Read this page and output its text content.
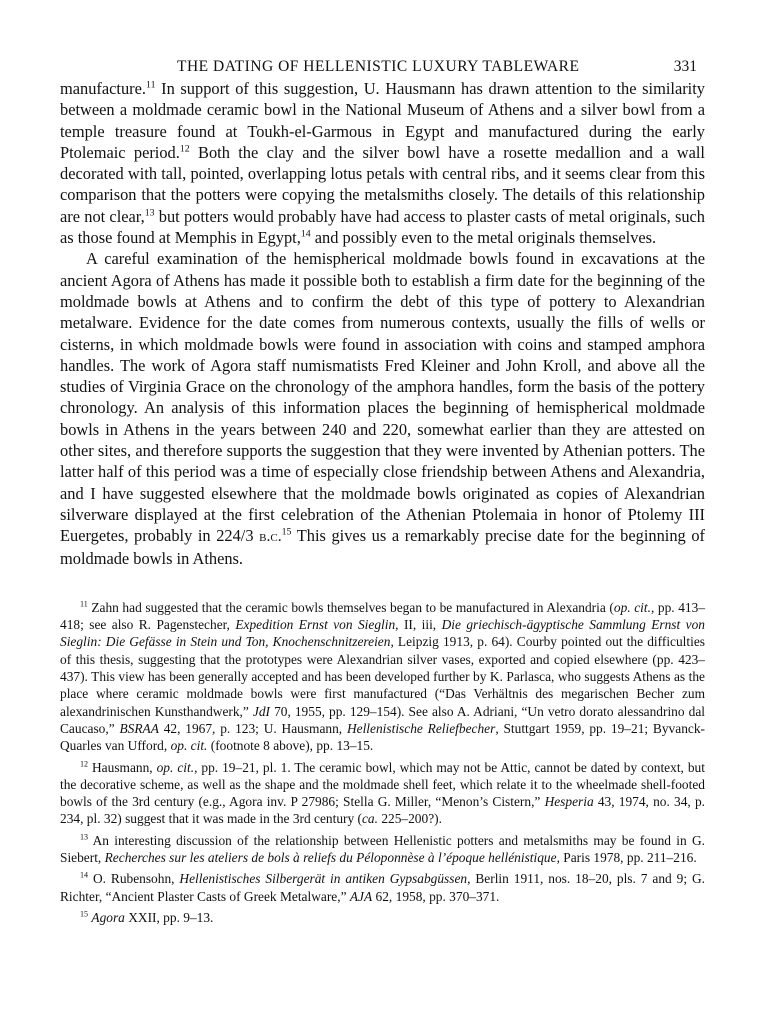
THE DATING OF HELLENISTIC LUXURY TABLEWARE	331

manufacture.$^{11}$ In support of this suggestion, U. Hausmann has drawn attention to the similarity between a moldmade ceramic bowl in the National Museum of Athens and a silver bowl from a temple treasure found at Toukh-el-Garmous in Egypt and manufactured during the early Ptolemaic period.$^{12}$ Both the clay and the silver bowl have a rosette medallion and a wall decorated with tall, pointed, overlapping lotus petals with central ribs, and it seems clear from this comparison that the potters were copying the metalsmiths closely. The details of this relationship are not clear,$^{13}$ but potters would probably have had access to plaster casts of metal originals, such as those found at Memphis in Egypt,$^{14}$ and possibly even to the metal originals themselves.

A careful examination of the hemispherical moldmade bowls found in excavations at the ancient Agora of Athens has made it possible both to establish a firm date for the beginning of the moldmade bowls at Athens and to confirm the debt of this type of pottery to Alexandrian metalware. Evidence for the date comes from numerous contexts, usually the fills of wells or cisterns, in which moldmade bowls were found in association with coins and stamped amphora handles. The work of Agora staff numismatists Fred Kleiner and John Kroll, and above all the studies of Virginia Grace on the chronology of the amphora handles, form the basis of the pottery chronology. An analysis of this information places the beginning of hemispherical moldmade bowls in Athens in the years between 240 and 220, somewhat earlier than they are attested on other sites, and therefore supports the suggestion that they were invented by Athenian potters. The latter half of this period was a time of especially close friendship between Athens and Alexandria, and I have suggested elsewhere that the moldmade bowls originated as copies of Alexandrian silverware displayed at the first celebration of the Athenian Ptolemaia in honor of Ptolemy III Euergetes, probably in 224/3 b.c.$^{15}$ This gives us a remarkably precise date for the beginning of moldmade bowls in Athens.

$^{11}$ Zahn had suggested that the ceramic bowls themselves began to be manufactured in Alexandria (op. cit., pp. 413–418; see also R. Pagenstecher, Expedition Ernst von Sieglin, II, iii, Die griechisch-ägyptische Sammlung Ernst von Sieglin: Die Gefässe in Stein und Ton, Knochenschnitzereien, Leipzig 1913, p. 64). Courby pointed out the difficulties of this thesis, suggesting that the prototypes were Alexandrian silver vases, exported and copied elsewhere (pp. 423–437). This view has been generally accepted and has been developed further by K. Parlasca, who suggests Athens as the place where ceramic moldmade bowls were first manufactured (“Das Verhältnis des megarischen Becher zum alexandrinischen Kunsthandwerk,” JdI 70, 1955, pp. 129–154). See also A. Adriani, “Un vetro dorato alessandrino dal Caucaso,” BSRAA 42, 1967, p. 123; U. Hausmann, Hellenistische Reliefbecher, Stuttgart 1959, pp. 19–21; Byvanck-Quarles van Ufford, op. cit. (footnote 8 above), pp. 13–15.

$^{12}$ Hausmann, op. cit., pp. 19–21, pl. 1. The ceramic bowl, which may not be Attic, cannot be dated by context, but the decorative scheme, as well as the shape and the moldmade shell feet, which relate it to the wheelmade shell-footed bowls of the 3rd century (e.g., Agora inv. P 27986; Stella G. Miller, “Menon’s Cistern,” Hesperia 43, 1974, no. 34, p. 234, pl. 32) suggest that it was made in the 3rd century (ca. 225–200?).

$^{13}$ An interesting discussion of the relationship between Hellenistic potters and metalsmiths may be found in G. Siebert, Recherches sur les ateliers de bols à reliefs du Péloponnèse à l’époque hellénistique, Paris 1978, pp. 211–216.

$^{14}$ O. Rubensohn, Hellenistisches Silbergerät in antiken Gypsabgüssen, Berlin 1911, nos. 18–20, pls. 7 and 9; G. Richter, “Ancient Plaster Casts of Greek Metalware,” AJA 62, 1958, pp. 370–371.

$^{15}$ Agora XXII, pp. 9–13.
